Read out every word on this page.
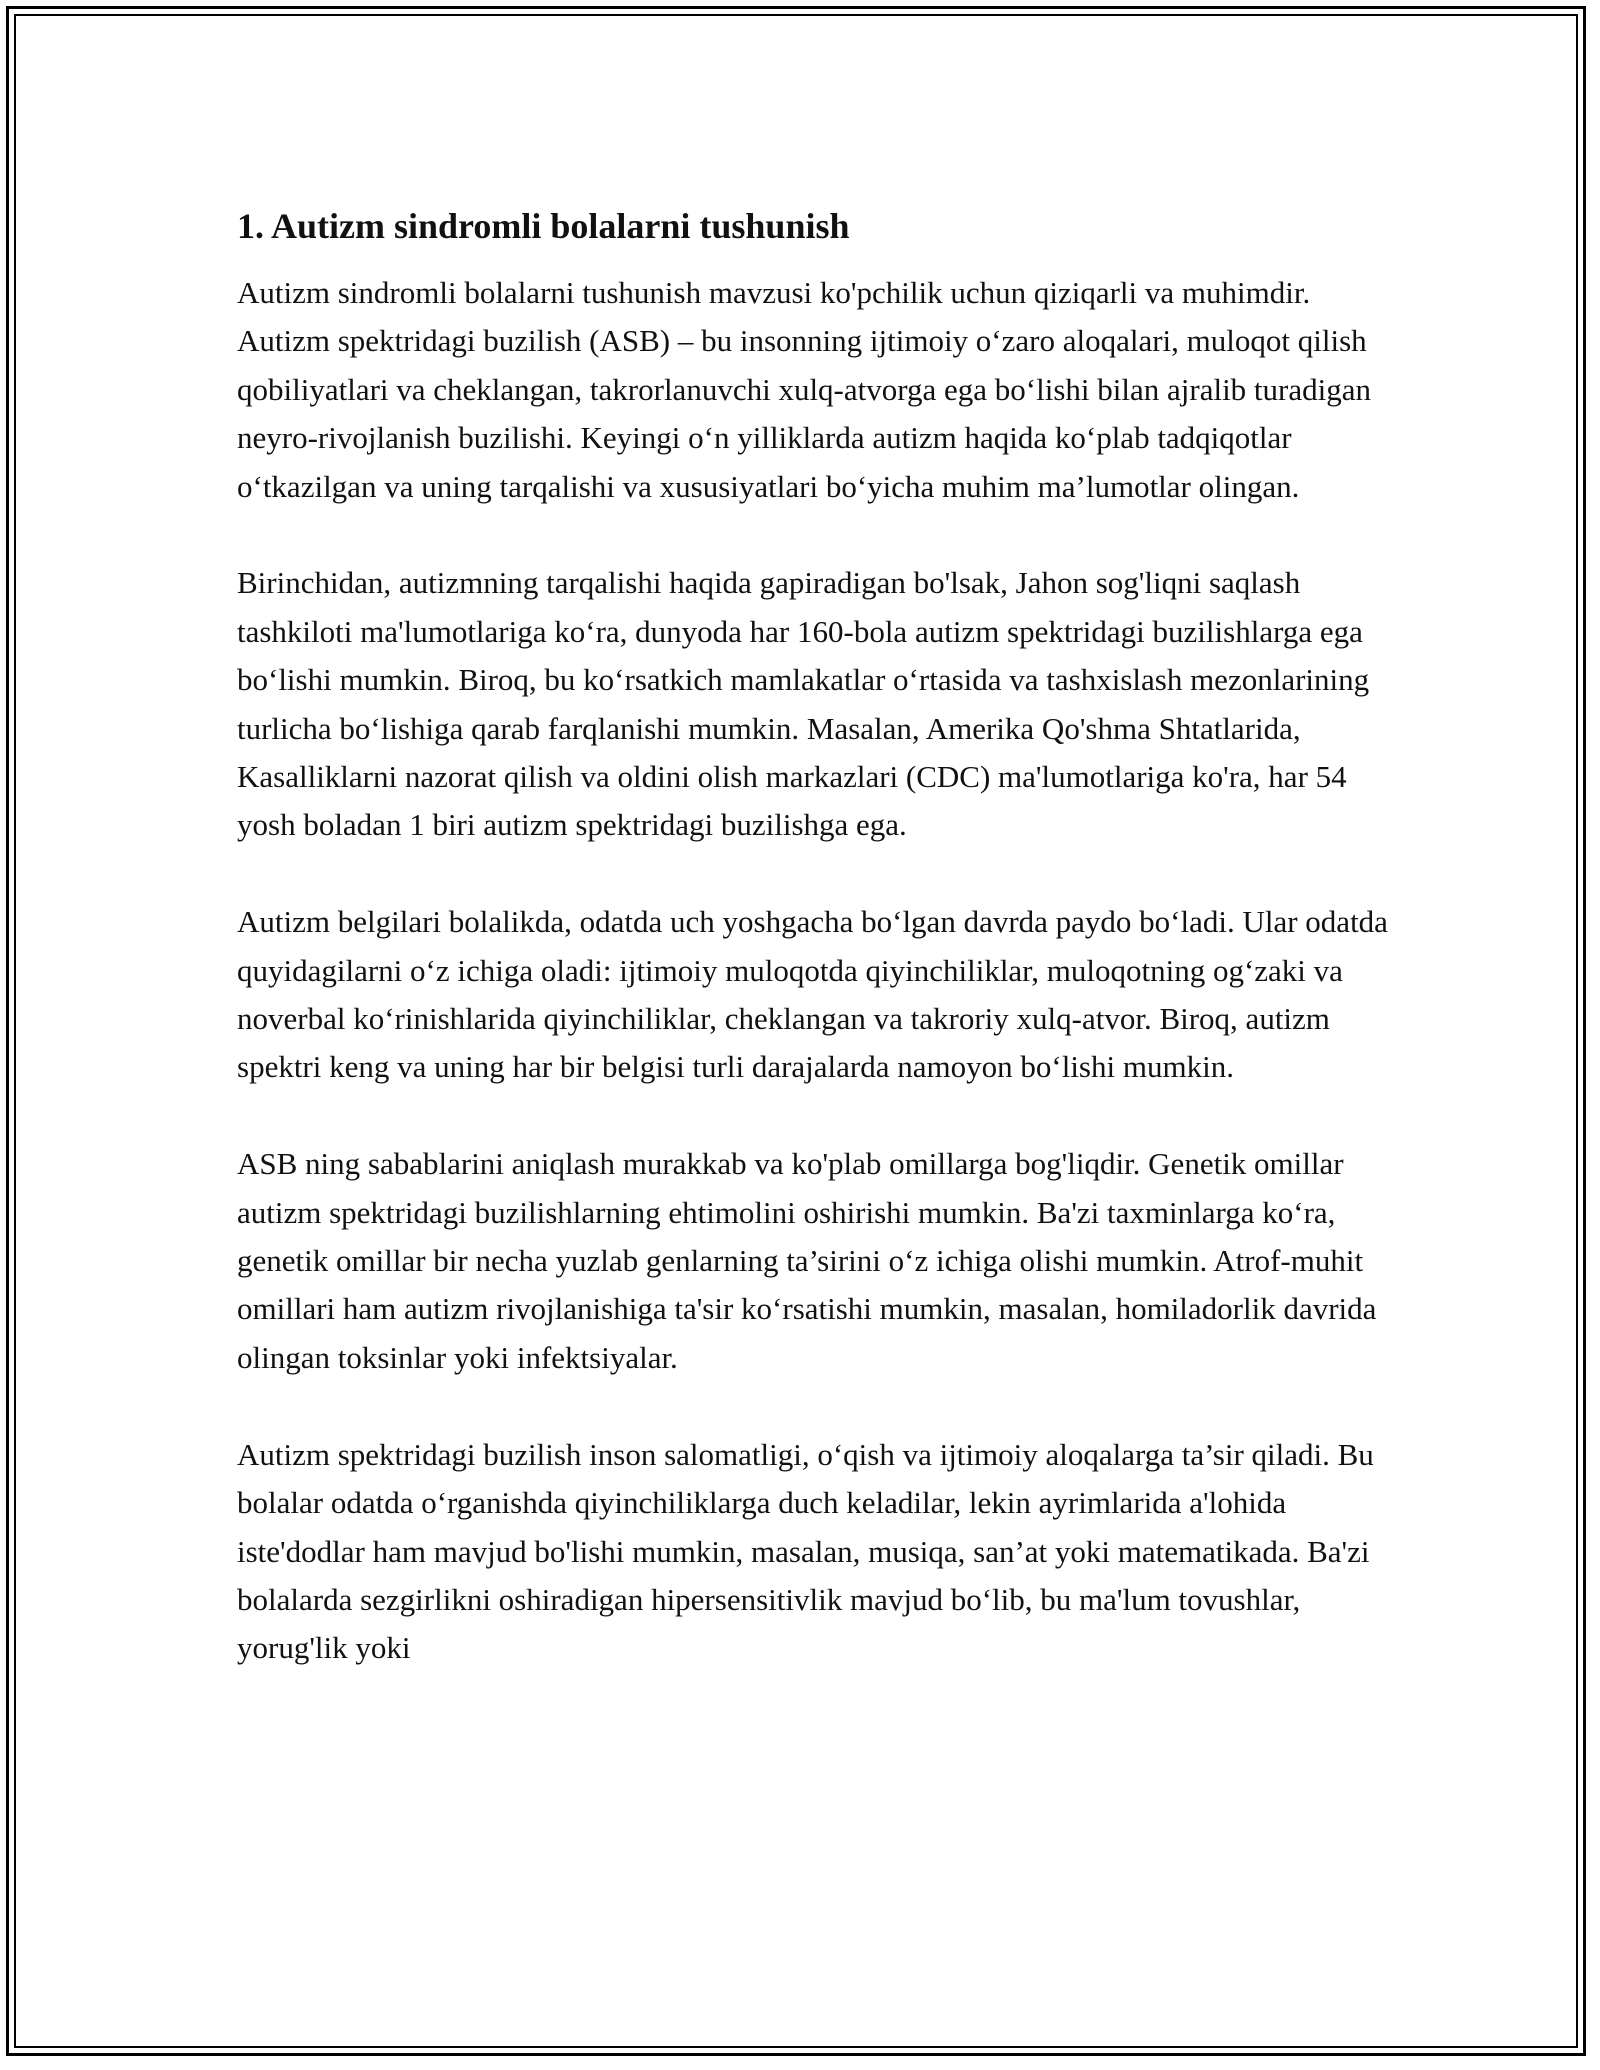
1. Autizm sindromli bolalarni tushunish

Autizm sindromli bolalarni tushunish mavzusi ko'pchilik uchun qiziqarli va muhimdir. Autizm spektridagi buzilish (ASB) – bu insonning ijtimoiy o‘zaro aloqalari, muloqot qilish qobiliyatlari va cheklangan, takrorlanuvchi xulq-atvorga ega bo‘lishi bilan ajralib turadigan neyro-rivojlanish buzilishi. Keyingi o‘n yilliklarda autizm haqida ko‘plab tadqiqotlar o‘tkazilgan va uning tarqalishi va xususiyatlari bo‘yicha muhim ma’lumotlar olingan.

Birinchidan, autizmning tarqalishi haqida gapiradigan bo'lsak, Jahon sog'liqni saqlash tashkiloti ma'lumotlariga ko‘ra, dunyoda har 160-bola autizm spektridagi buzilishlarga ega bo‘lishi mumkin. Biroq, bu ko‘rsatkich mamlakatlar o‘rtasida va tashxislash mezonlarining turlicha bo‘lishiga qarab farqlanishi mumkin. Masalan, Amerika Qo'shma Shtatlarida, Kasalliklarni nazorat qilish va oldini olish markazlari (CDC) ma'lumotlariga ko'ra, har 54 yosh boladan 1 biri autizm spektridagi buzilishga ega.

Autizm belgilari bolalikda, odatda uch yoshgacha bo‘lgan davrda paydo bo‘ladi. Ular odatda quyidagilarni o‘z ichiga oladi: ijtimoiy muloqotda qiyinchiliklar, muloqotning og‘zaki va noverbal ko‘rinishlarida qiyinchiliklar, cheklangan va takroriy xulq-atvor. Biroq, autizm spektri keng va uning har bir belgisi turli darajalarda namoyon bo‘lishi mumkin.

ASB ning sabablarini aniqlash murakkab va ko'plab omillarga bog'liqdir. Genetik omillar autizm spektridagi buzilishlarning ehtimolini oshirishi mumkin. Ba'zi taxminlarga ko‘ra, genetik omillar bir necha yuzlab genlarning ta’sirini o‘z ichiga olishi mumkin. Atrof-muhit omillari ham autizm rivojlanishiga ta'sir ko‘rsatishi mumkin, masalan, homiladorlik davrida olingan toksinlar yoki infektsiyalar.

Autizm spektridagi buzilish inson salomatligi, o‘qish va ijtimoiy aloqalarga ta’sir qiladi. Bu bolalar odatda o‘rganishda qiyinchiliklarga duch keladilar, lekin ayrimlarida a'lohida iste'dodlar ham mavjud bo'lishi mumkin, masalan, musiqa, san’at yoki matematikada. Ba'zi bolalarda sezgirlikni oshiradigan hipersensitivlik mavjud bo‘lib, bu ma'lum tovushlar, yorug'lik yoki
